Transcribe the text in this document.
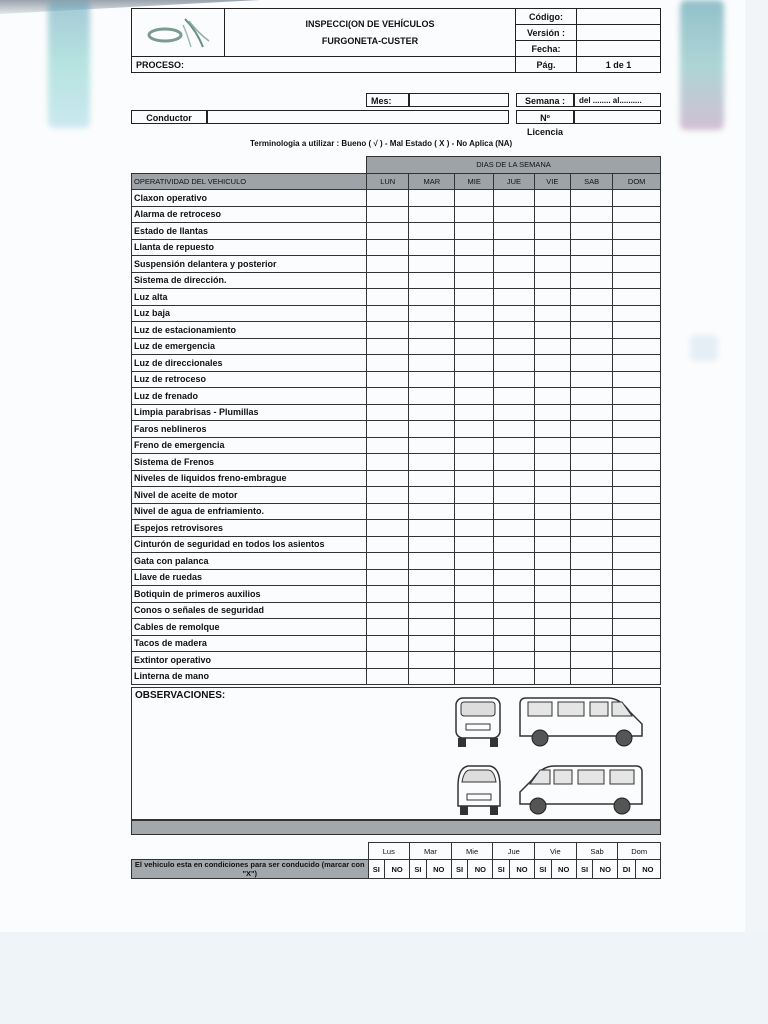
INSPECCI(ON DE VEHÍCULOS
FURGONETA-CUSTER	Código:	
		Versión :	
		Fecha:	
PROCESO:		Pág.	1 de 1
Mes:	Semana :	del ........ al..........
Nº Licencia
Conductor
Terminologia a utilizar : Bueno ( √ ) - Mal Estado ( X ) - No Aplica (NA)
	DIAS DE LA SEMANA						
OPERATIVIDAD DEL VEHICULO	LUN	MAR	MIE	JUE	VIE	SAB	DOM
Claxon operativo							
Alarma de retroceso							
Estado de llantas							
Llanta de repuesto							
Suspensión delantera y posterior							
Sistema de dirección.							
Luz alta							
Luz baja							
Luz de estacionamiento							
Luz de emergencia							
Luz de direccionales							
Luz de retroceso							
Luz de frenado							
Limpia parabrisas - Plumillas							
Faros neblineros							
Freno de emergencia							
Sistema de Frenos							
Niveles de liquidos freno-embrague							
Nivel de aceite de motor							
Nivel de agua de enfriamiento.							
Espejos retrovisores							
Cinturón de seguridad en todos los asientos							
Gata con palanca							
Llave de ruedas							
Botiquin de primeros auxilios							
Conos o señales de seguridad							
Cables de remolque							
Tacos de madera							
Extintor operativo							
Linterna de mano							
OBSERVACIONES:
	Lus		Mar		Mie		Jue		Vie		Sab		Dom	
El vehiculo esta en condiciones para ser conducido (marcar con "X")	SI	NO	SI	NO	SI	NO	SI	NO	SI	NO	SI	NO	DI	NO
